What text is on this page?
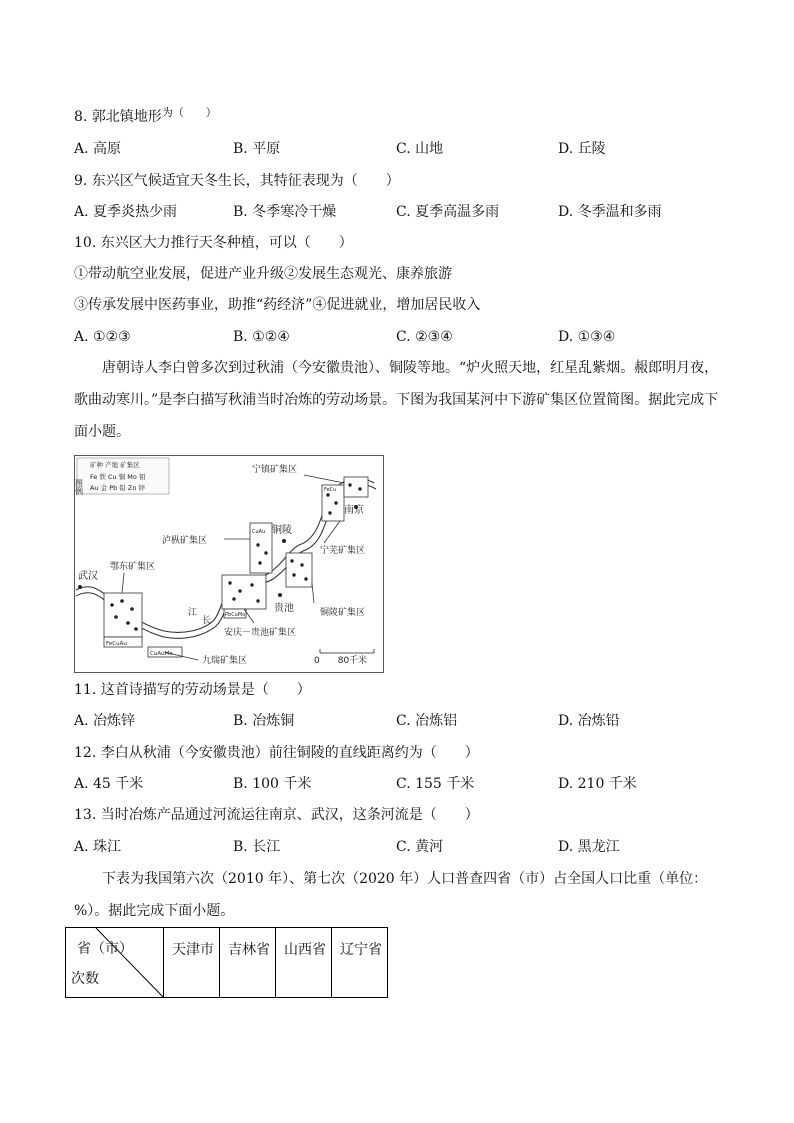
8. 郭北镇地形$^{为( )}$
A. 高原	B. 平原	C. 山地	D. 丘陵
9. 东兴区气候适宜天冬生长，其特征表现为（　　）
A. 夏季炎热少雨	B. 冬季寒冷干燥	C. 夏季高温多雨	D. 冬季温和多雨
10. 东兴区大力推行天冬种植，可以（　　）
①带动航空业发展，促进产业升级②发展生态观光、康养旅游
③传承发展中医药事业，助推“药经济”④促进就业，增加居民收入
A. ①②③	B. ①②④	C. ②③④	D. ①③④
唐朝诗人李白曾多次到过秋浦（今安徽贵池）、铜陵等地。“炉火照天地，红星乱紫烟。赧郎明月夜，歌曲动寒川。”是李白描写秋浦当时冶炼的劳动场景。下图为我国某河中下游矿集区位置简图。据此完成下面小题。
图例
矿种 产地 矿集区
Fe 铁 Cu 铜 Mo 钼
Au 金 Pb 铅 Zn 锌
FeCuAu
CuAuMo
PbCuMo
CuAu
FeCu
武汉
鄂东矿集区
泸枞矿集区
铜陵
宁镇矿集区
南京
宁芜矿集区
贵池	铜陵矿集区
安庆－贵池矿集区
九瑞矿集区
长
江
0　　80千米
11. 这首诗描写的劳动场景是（　　）
A. 冶炼锌	B. 冶炼铜	C. 冶炼铝	D. 冶炼铅
12. 李白从秋浦（今安徽贵池）前往铜陵的直线距离约为（　　）
A. 45 千米	B. 100 千米	C. 155 千米	D. 210 千米
13. 当时冶炼产品通过河流运往南京、武汉，这条河流是（　　）
A. 珠江	B. 长江	C. 黄河	D. 黑龙江
下表为我国第六次（2010 年）、第七次（2020 年）人口普查四省（市）占全国人口比重（单位：%）。据此完成下面小题。
省（市）
次数
	天津市	吉林省	山西省	辽宁省
